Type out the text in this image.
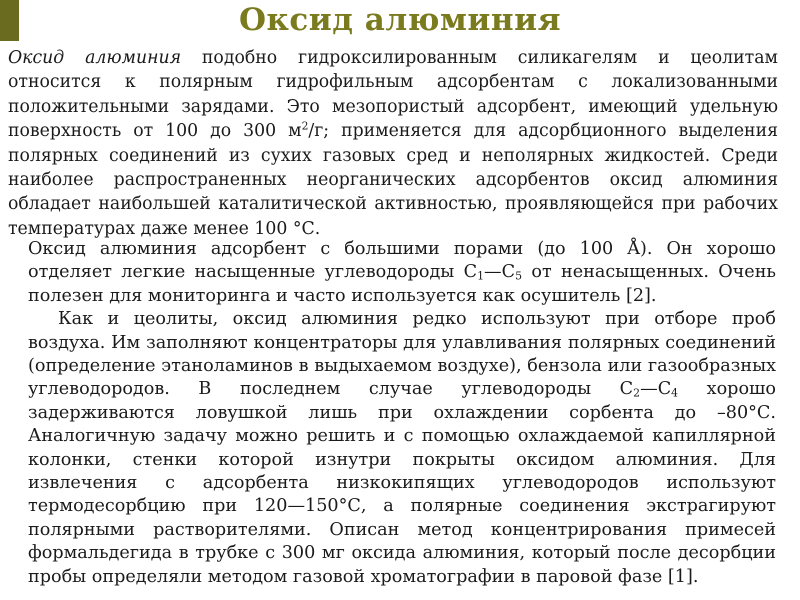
Оксид алюминия

Оксид алюминия подобно гидроксилированным силикагелям и цеолитам относится к полярным гидрофильным адсорбентам с локализованными положительными зарядами. Это мезопористый адсорбент, имеющий удельную поверхность от 100 до 300 $м^2/г$; применяется для адсорбционного выделения полярных соединений из сухих газовых сред и неполярных жидкостей. Среди наиболее распространенных неорганических адсорбентов оксид алюминия обладает наибольшей каталитической активностью, проявляющейся при рабочих температурах даже менее 100 °С.

Оксид алюминия адсорбент с большими порами (до 100 Å). Он хорошо отделяет легкие насыщенные углеводороды $С_1—С_5$ от ненасыщенных. Очень полезен для мониторинга и часто используется как осушитель [2].

Как и цеолиты, оксид алюминия редко используют при отборе проб воздуха. Им заполняют концентраторы для улавливания полярных соединений (определение этаноламинов в выдыхаемом воздухе), бензола или газообразных углеводородов. В последнем случае углеводороды $С_2—С_4$ хорошо задерживаются ловушкой лишь при охлаждении сорбента до –80°С. Аналогичную задачу можно решить и с помощью охлаждаемой капиллярной колонки, стенки которой изнутри покрыты оксидом алюминия. Для извлечения с адсорбента низкокипящих углеводородов используют термодесорбцию при 120—150°С, а полярные соединения экстрагируют полярными растворителями. Описан метод концентрирования примесей формальдегида в трубке с 300 мг оксида алюминия, который после десорбции пробы определяли методом газовой хроматографии в паровой фазе [1].
